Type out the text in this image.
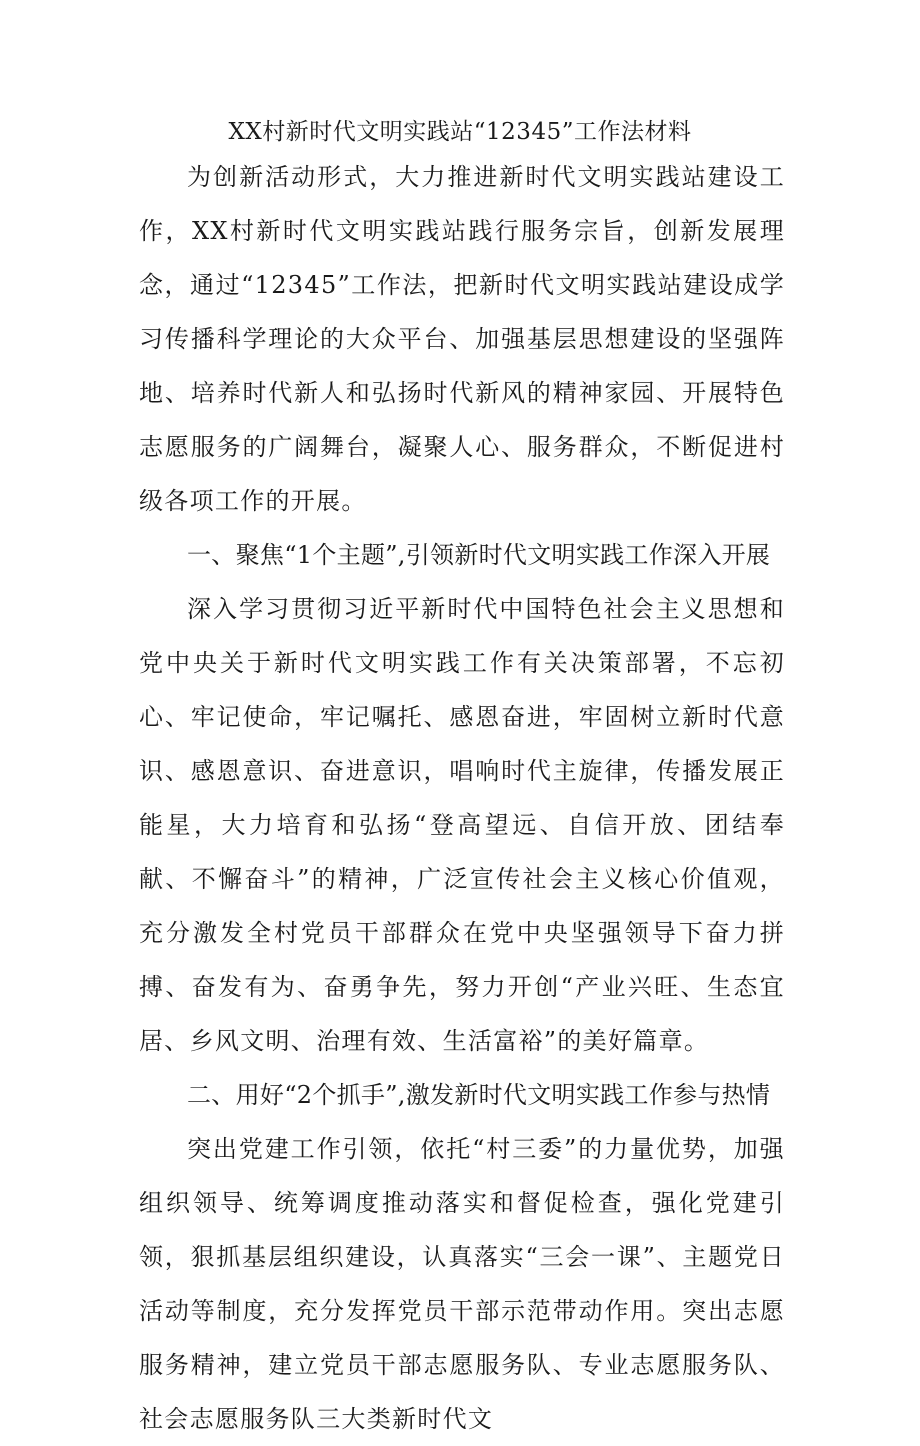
XX村新时代文明实践站“12345”工作法材料

为创新活动形式，大力推进新时代文明实践站建设工作，XX村新时代文明实践站践行服务宗旨，创新发展理念，通过“12345”工作法，把新时代文明实践站建设成学习传播科学理论的大众平台、加强基层思想建设的坚强阵地、培养时代新人和弘扬时代新风的精神家园、开展特色志愿服务的广阔舞台，凝聚人心、服务群众，不断促进村级各项工作的开展。

一、聚焦“1个主题”,引领新时代文明实践工作深入开展

深入学习贯彻习近平新时代中国特色社会主义思想和党中央关于新时代文明实践工作有关决策部署，不忘初心、牢记使命，牢记嘱托、感恩奋进，牢固树立新时代意识、感恩意识、奋进意识，唱响时代主旋律，传播发展正能星，大力培育和弘扬“登高望远、自信开放、团结奉献、不懈奋斗”的精神，广泛宣传社会主义核心价值观，充分激发全村党员干部群众在党中央坚强领导下奋力拼搏、奋发有为、奋勇争先，努力开创“产业兴旺、生态宜居、乡风文明、治理有效、生活富裕”的美好篇章。

二、用好“2个抓手”,激发新时代文明实践工作参与热情

突出党建工作引领，依托“村三委”的力量优势，加强组织领导、统筹调度推动落实和督促检查，强化党建引领，狠抓基层组织建设，认真落实“三会一课”、主题党日活动等制度，充分发挥党员干部示范带动作用。突出志愿服务精神，建立党员干部志愿服务队、专业志愿服务队、社会志愿服务队三大类新时代文
